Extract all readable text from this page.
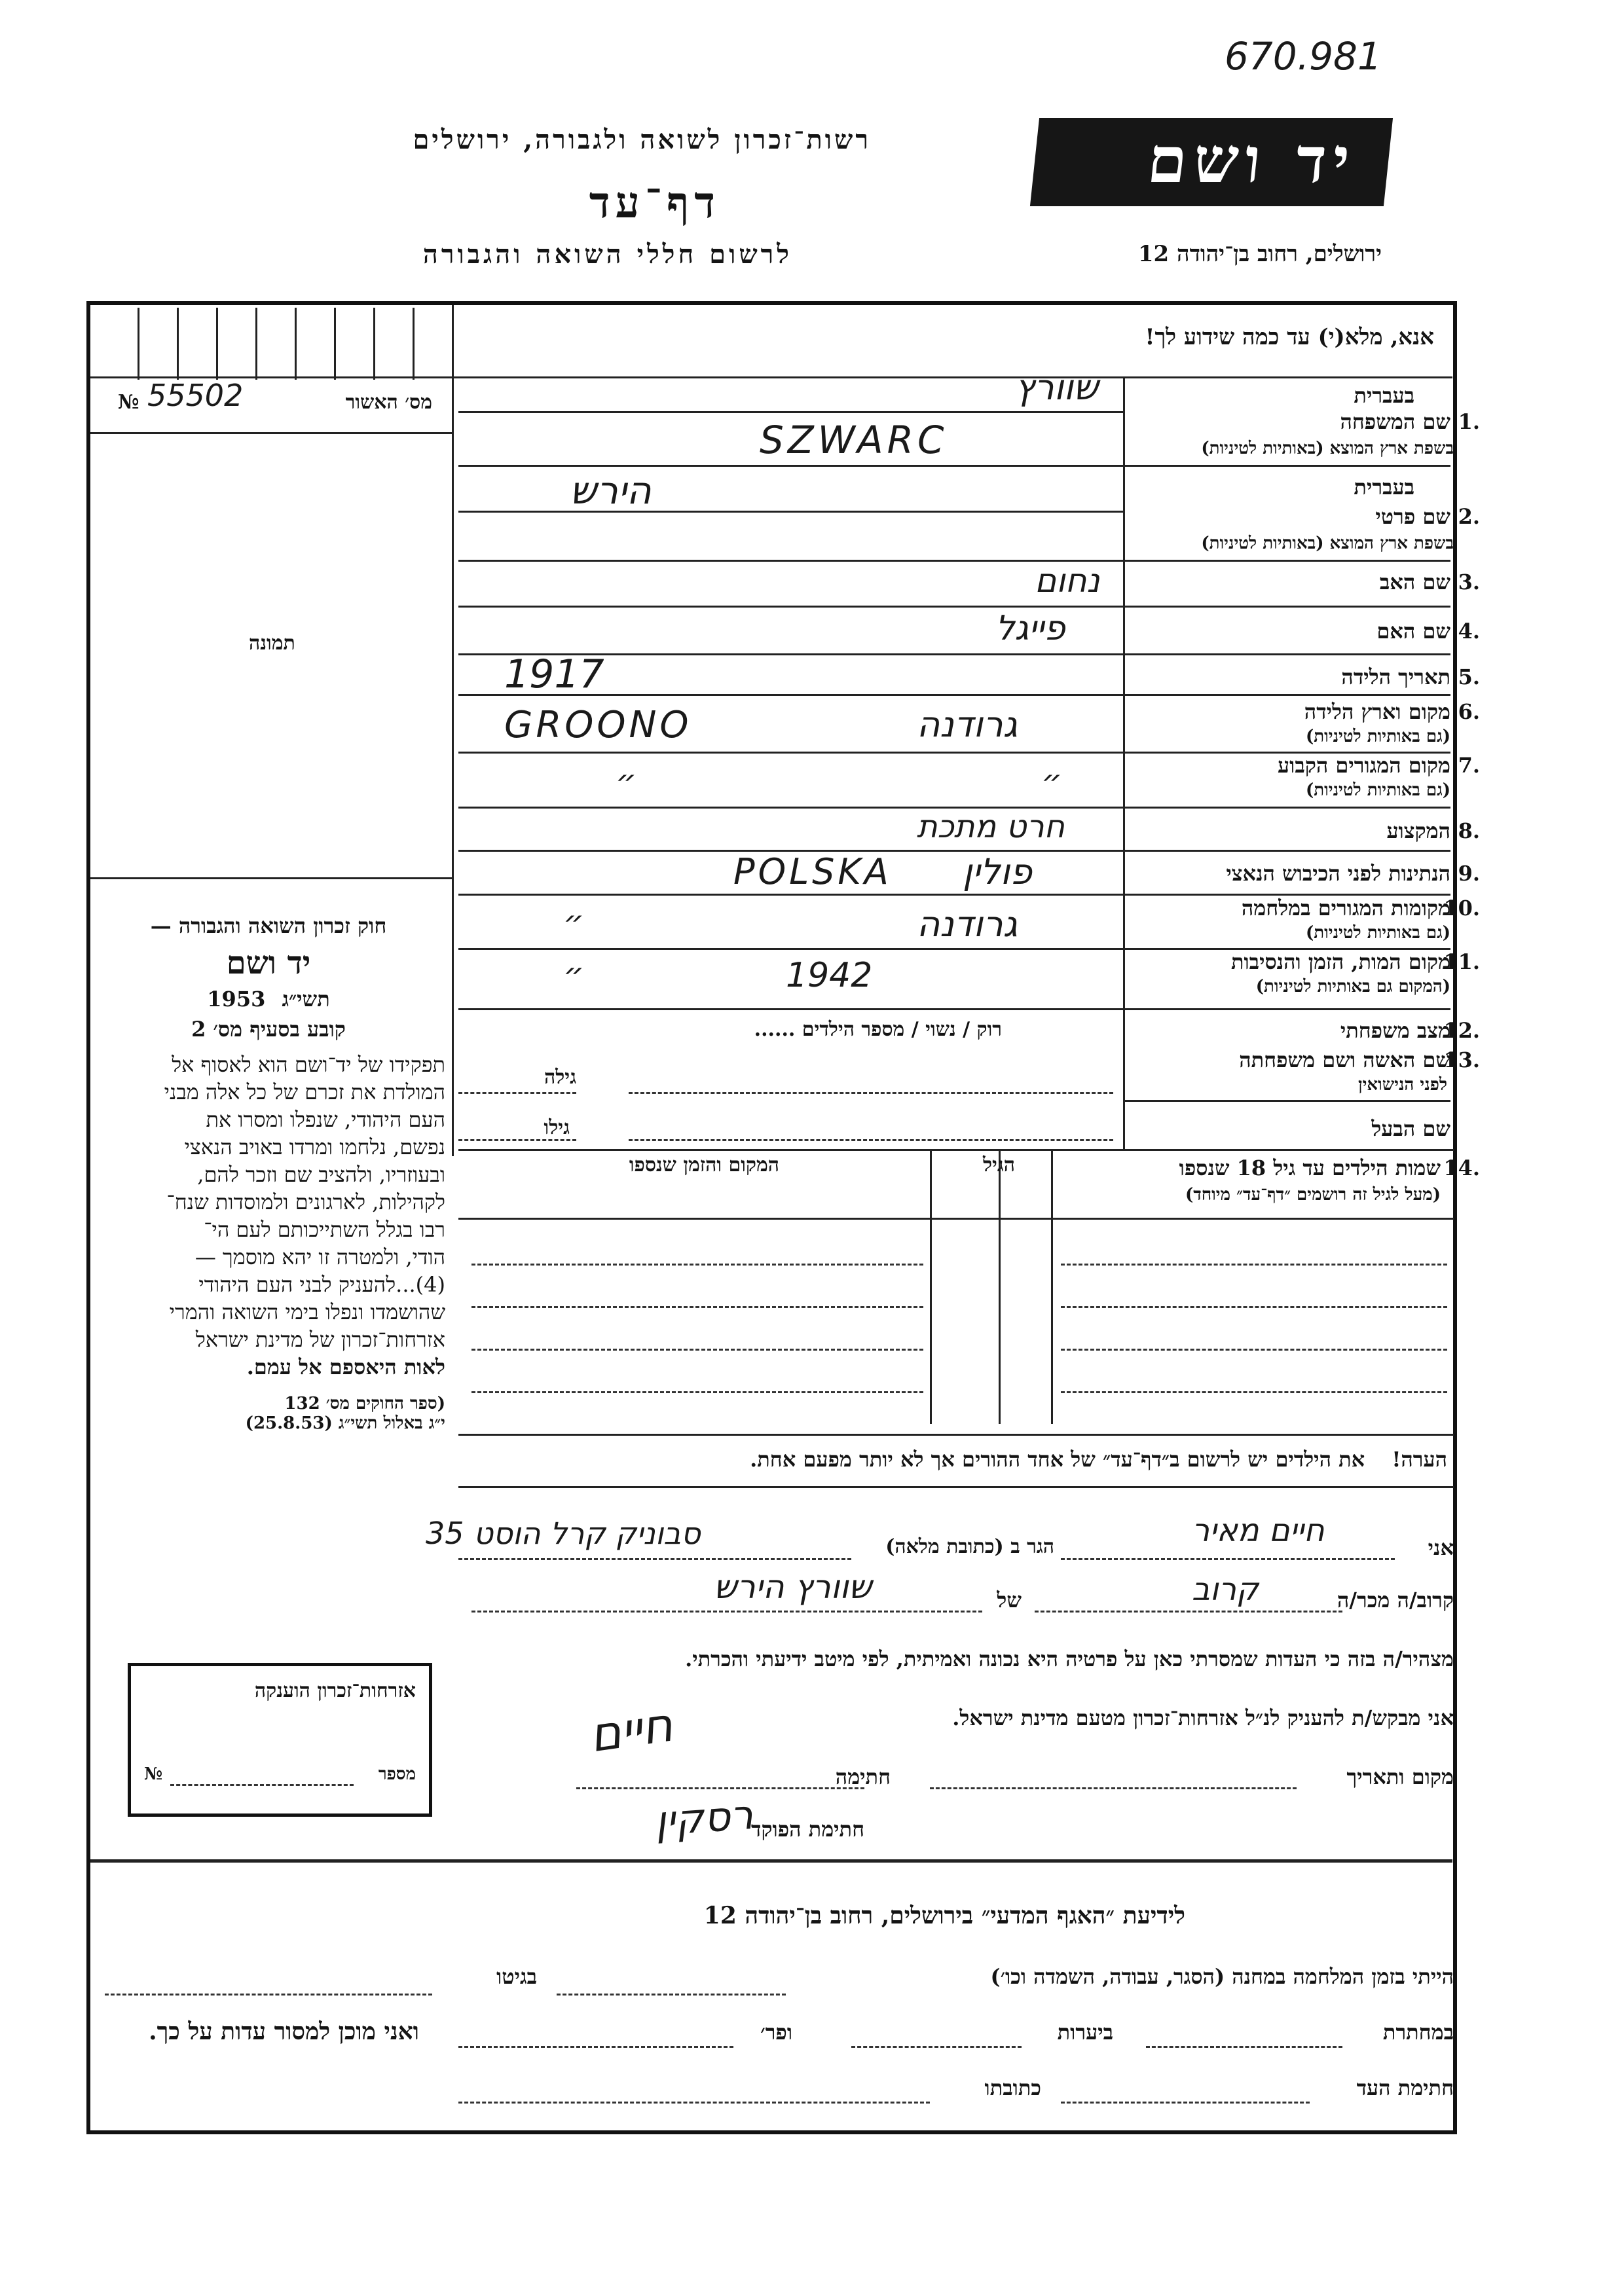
670.981
רשות־זכרון לשואה ולגבורה, ירושלים
דף־עד
לרשום חללי השואה והגבורה
יד ושם
ירושלים, רחוב בן־יהודה 12
אנא, מלא(י) עד כמה שידוע לך!
№ 55502	מס׳ האשור
תמונה
חוק זכרון השואה והגבורה —
יד ושם
1953 תשי״ג
קובע בסעיף מס׳ 2
תפקידו של יד־ושם הוא לאסוף אל
המולדת את זכרם של כל אלה מבני
העם היהודי, שנפלו ומסרו את
נפשם, נלחמו ומרדו באויב הנאצי
ובעוזריו, ולהציב שם וזכר להם,
לקהילות, לארגונים ולמוסדות שנח־
רבו בגלל השתייכותם לעם הי־
הודי, ולמטרה זו יהא מוסמך —
(4)...להעניק לבני העם היהודי
שהושמדו ונפלו בימי השואה והמרי
אזרחות־זכרון של מדינת ישראל
לאות היאספם אל עמם.
(ספר החוקים מס׳ 132
י״ג באלול תשי״ג (25.8.53)
בעברית
שם המשפחה 1.
בשפת ארץ המוצא (באותיות לטיניות)
שוורץ
SZWARC
בעברית
שם פרטי 2.
בשפת ארץ המוצא (באותיות לטיניות)
הירש
שם האב 3.
נחום
שם האם 4.
פייגל
תאריך הלידה 5.
1917
מקום וארץ הלידה 6.
(גם באותיות לטיניות)
GROONO	גרודנה
מקום המגורים הקבוע 7.
(גם באותיות לטיניות)
״	״
המקצוע 8.
חרט מתכת
הנתינות לפני הכיבוש הנאצי 9.
POLSKA פולין
מקומות המגורים במלחמה
10.
(גם באותיות לטיניות)
״	גרודנה
מקום המות, הזמן והנסיבות
11.
(המקום גם באותיות לטיניות)
״	1942
מצב משפחתי
12.
רוק / נשוי / מספר הילדים ......
שם האשה ושם משפחתה
13.
לפני הנישואין
גילה
שם הבעל
גילו
שמות הילדים עד גיל 18 שנספו 14.
(מעל לגיל זה רושמים ״דף־עד״ מיוחד)
הגיל
המקום והזמן שנספו
הערה! את הילדים יש לרשום ב״דף־עד״ של אחד ההורים אך לא יותר מפעם אחת.
אני
חיים מאיר
הגר ב (כתובת מלאה)
סבוניק קרל הוסט 35
קרוב/ה מכר/ה
קרוב
של
שוורץ הירש
מצהיר/ה בזה כי העדות שמסרתי כאן על פרטיה היא נכונה ואמיתית, לפי מיטב ידיעתי והכרתי.
אני מבקש/ת להעניק לנ״ל אזרחות־זכרון מטעם מדינת ישראל.
מקום ותאריך
חתימה
חיים
חתימת הפוקד
רסקין
אזרחות־זכרון הוענקה
№	מספר
לידיעת ״האגף המדעי״ בירושלים, רחוב בן־יהודה 12
הייתי בזמן המלחמה במחנה (הסגר, עבודה, השמדה וכו׳)
בגיטו
במחתרת
ביערות
ופר׳
ואני מוכן למסור עדות על כך.
חתימת העד
כתובתו
